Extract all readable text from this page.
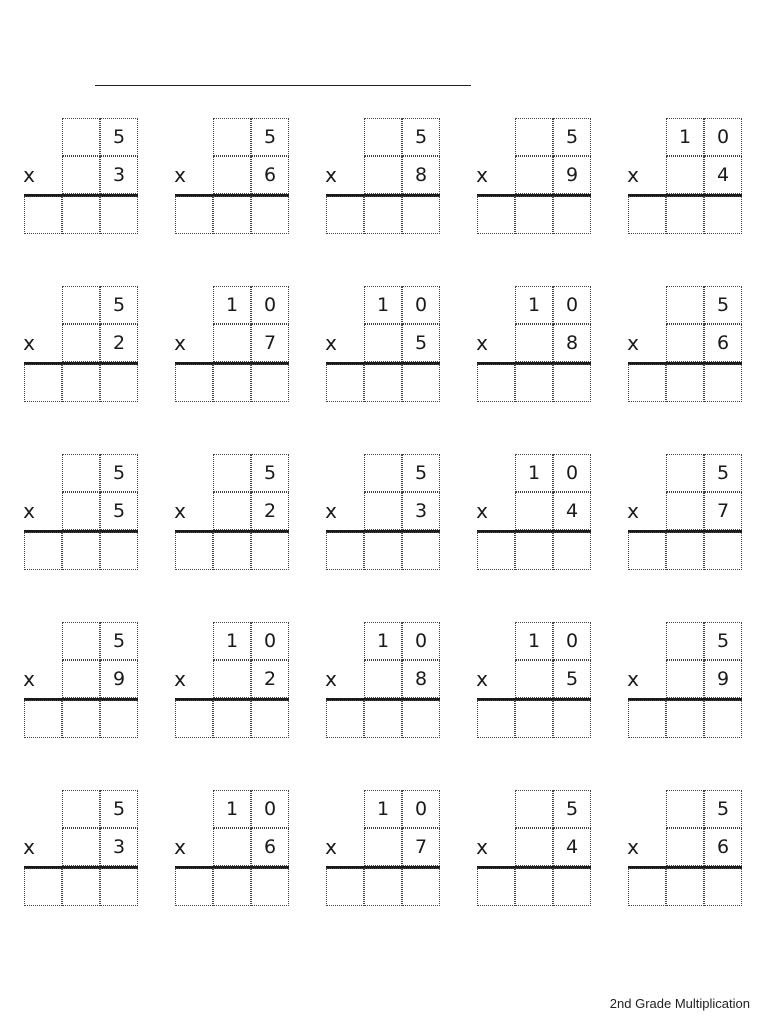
5
x	3
5
x	6
5
x	8
5
x	9
1	0
x	4
5
x	2
1	0
x	7
1	0
x	5
1	0
x	8
5
x	6
5
x	5
5
x	2
5
x	3
1	0
x	4
5
x	7
5
x	9
1	0
x	2
1	0
x	8
1	0
x	5
5
x	9
5
x	3
1	0
x	6
1	0
x	7
5
x	4
5
x	6
2nd Grade Multiplication
